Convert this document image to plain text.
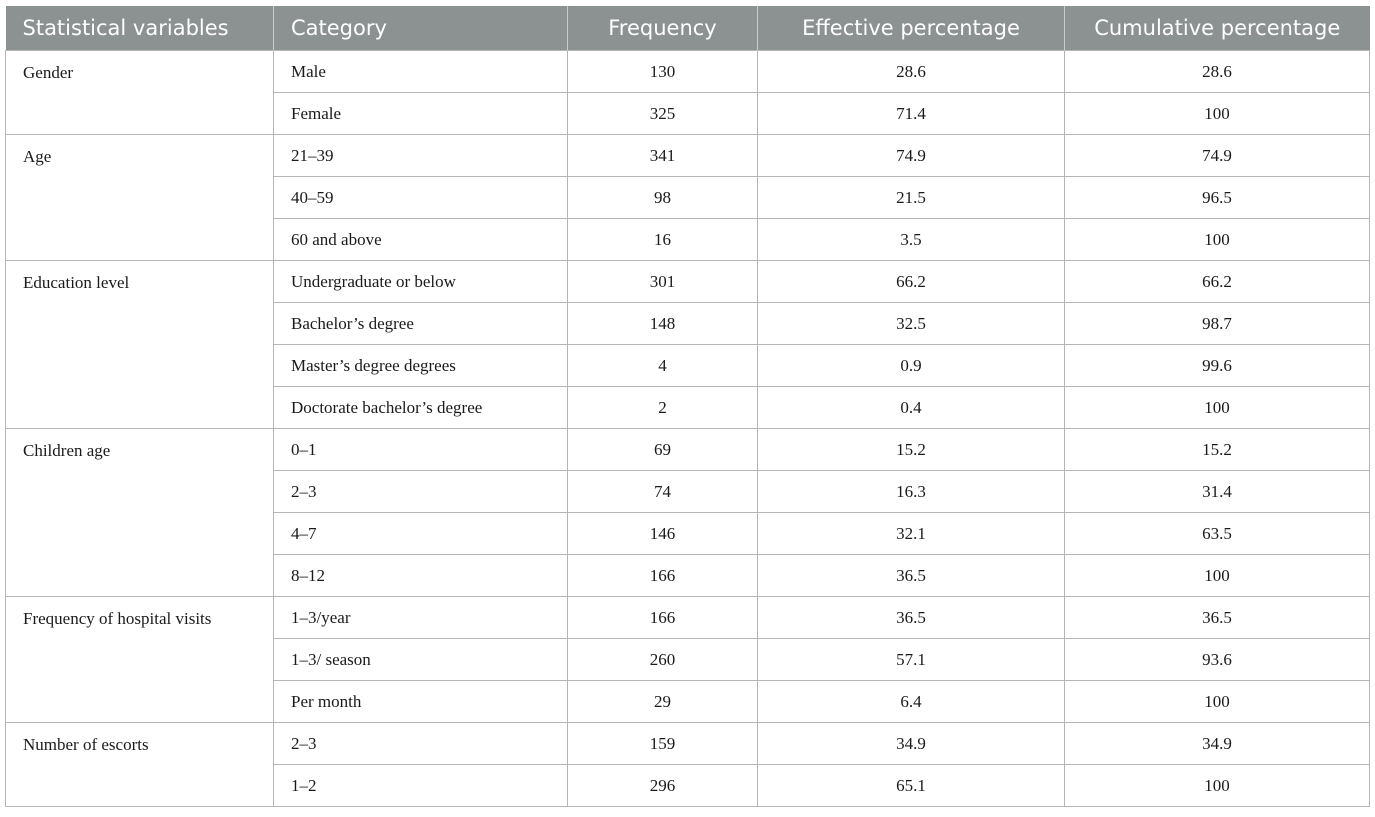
Statistical variables	Category	Frequency	Effective percentage	Cumulative percentage
Gender	Male	130	28.6	28.6
	Female	325	71.4	100
Age	21–39	341	74.9	74.9
	40–59	98	21.5	96.5
	60 and above	16	3.5	100
Education level	Undergraduate or below	301	66.2	66.2
	Bachelor’s degree	148	32.5	98.7
	Master’s degree degrees	4	0.9	99.6
	Doctorate bachelor’s degree	2	0.4	100
Children age	0–1	69	15.2	15.2
	2–3	74	16.3	31.4
	4–7	146	32.1	63.5
	8–12	166	36.5	100
Frequency of hospital visits	1–3/year	166	36.5	36.5
	1–3/ season	260	57.1	93.6
	Per month	29	6.4	100
Number of escorts	2–3	159	34.9	34.9
	1–2	296	65.1	100
